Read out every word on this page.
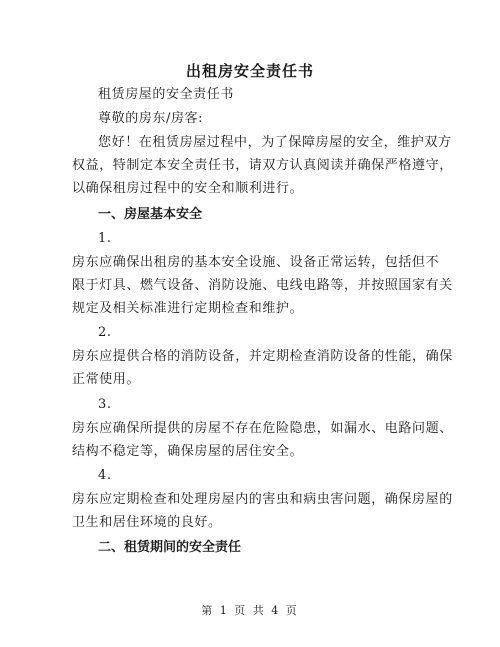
出租房安全责任书
租赁房屋的安全责任书
尊敬的房东/房客:
您好！在租赁房屋过程中，为了保障房屋的安全，维护双方
权益，特制定本安全责任书，请双方认真阅读并确保严格遵守，
以确保租房过程中的安全和顺利进行。
一、房屋基本安全
1.
房东应确保出租房的基本安全设施、设备正常运转，包括但不
限于灯具、燃气设备、消防设施、电线电路等，并按照国家有关
规定及相关标准进行定期检查和维护。
2.
房东应提供合格的消防设备，并定期检查消防设备的性能，确保
正常使用。
3.
房东应确保所提供的房屋不存在危险隐患，如漏水、电路问题、
结构不稳定等，确保房屋的居住安全。
4.
房东应定期检查和处理房屋内的害虫和病虫害问题，确保房屋的
卫生和居住环境的良好。
二、租赁期间的安全责任
第 1 页 共 4 页
